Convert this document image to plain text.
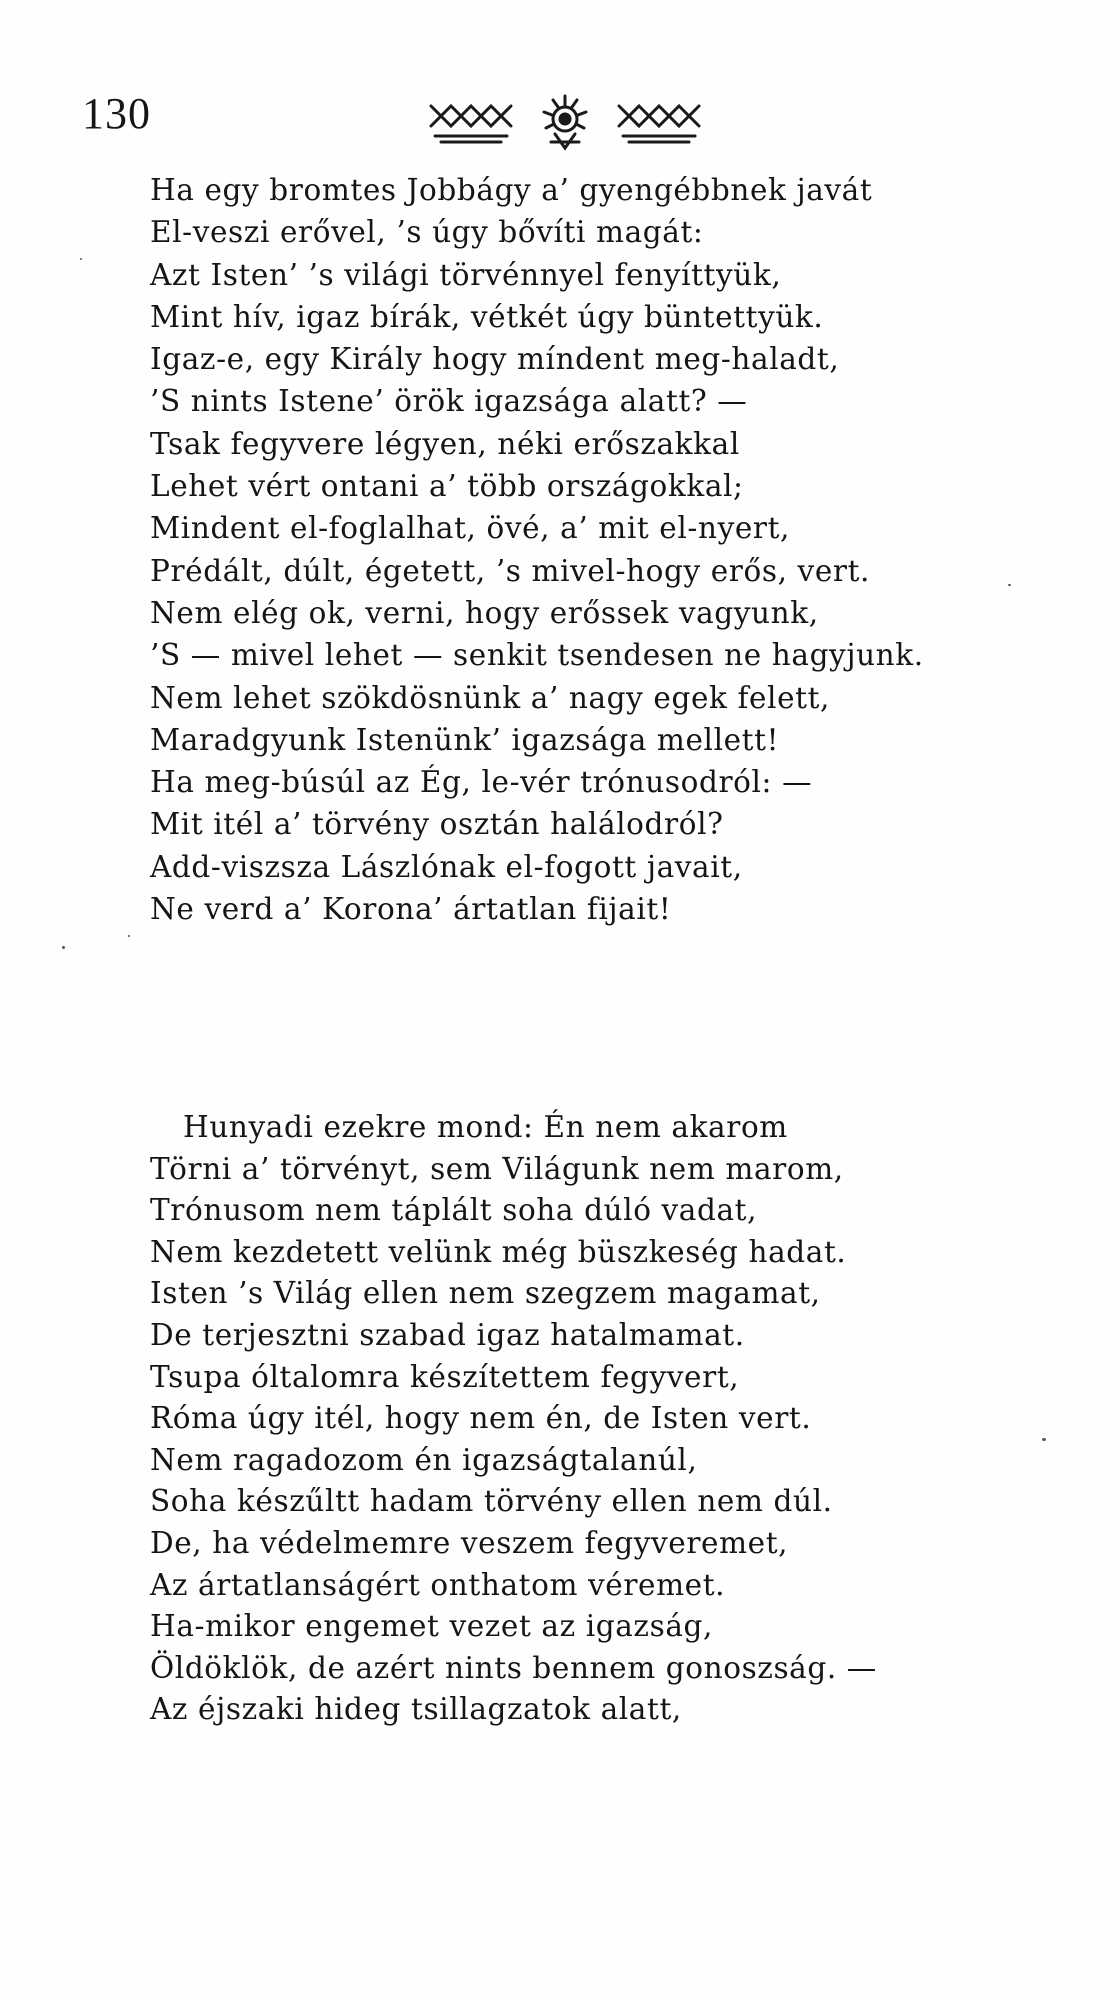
130
Ha egy bromtes Jobbágy a’ gyengébbnek javát
El-veszi erővel, ’s úgy bővíti magát:
Azt Isten’ ’s világi törvénnyel fenyíttyük,
Mint hív, igaz bírák, vétkét úgy büntettyük.
Igaz-e, egy Király hogy míndent meg-haladt,
’S nints Istene’ örök igazsága alatt? —
Tsak fegyvere légyen, néki erőszakkal
Lehet vért ontani a’ több országokkal;
Mindent el-foglalhat, övé, a’ mit el-nyert,
Prédált, dúlt, égetett, ’s mivel-hogy erős, vert.
Nem elég ok, verni, hogy erőssek vagyunk,
’S — mivel lehet — senkit tsendesen ne hagyjunk.
Nem lehet szökdösnünk a’ nagy egek felett,
Maradgyunk Istenünk’ igazsága mellett!
Ha meg-búsúl az Ég, le-vér trónusodról: —
Mit itél a’ törvény osztán halálodról?
Add-viszsza Lászlónak el-fogott javait,
Ne verd a’ Korona’ ártatlan fijait!
Hunyadi ezekre mond: Én nem akarom
Törni a’ törvényt, sem Világunk nem marom,
Trónusom nem táplált soha dúló vadat,
Nem kezdetett velünk még büszkeség hadat.
Isten ’s Világ ellen nem szegzem magamat,
De terjesztni szabad igaz hatalmamat.
Tsupa óltalomra készítettem fegyvert,
Róma úgy itél, hogy nem én, de Isten vert.
Nem ragadozom én igazságtalanúl,
Soha készűltt hadam törvény ellen nem dúl.
De, ha védelmemre veszem fegyveremet,
Az ártatlanságért onthatom véremet.
Ha-mikor engemet vezet az igazság,
Öldöklök, de azért nints bennem gonoszság. —
Az éjszaki hideg tsillagzatok alatt,
